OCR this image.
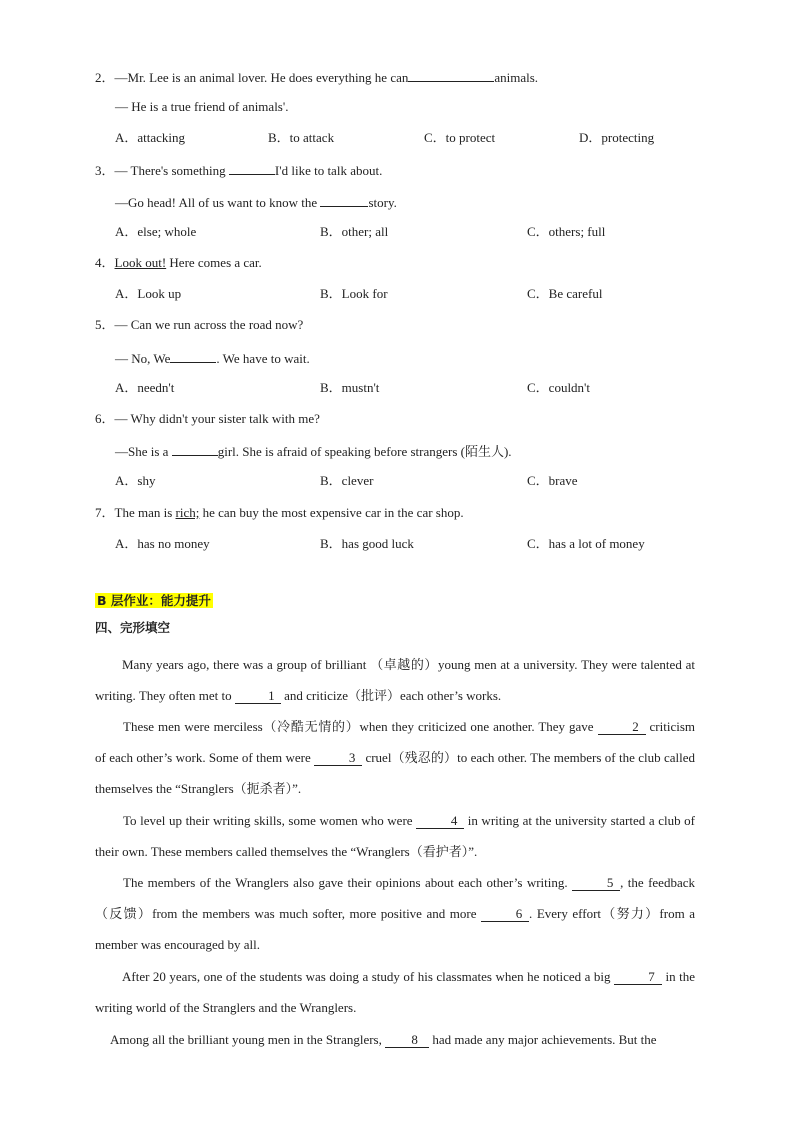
2．—Mr. Lee is an animal lover. He does everything he can	animals.
— He is a true friend of animals'.
A．attacking	B．to attack	C．to protect	D．protecting
3．— There's something	I'd like to talk about.
—Go head! All of us want to know the	story.
A．else; whole	B．other; all	C．others; full
4．Look out! Here comes a car.
A．Look up	B．Look for	C．Be careful
5．— Can we run across the road now?
— No, We	. We have to wait.
A．needn't	B．mustn't	C．couldn't
6．— Why didn't your sister talk with me?
—She is a	girl. She is afraid of speaking before strangers (陌生人).
A．shy	B．clever	C．brave
7．The man is rich; he can buy the most expensive car in the car shop.
A．has no money	B．has good luck	C．has a lot of money
B 层作业：能力提升
四、完形填空
Many years ago, there was a group of brilliant （卓越的）young men at a university. They were talented at writing. They often met to	1 and criticize（批评）each other’s works.
These men were merciless（冷酷无情的）when they criticized one another. They gave	2 criticism of each other’s work. Some of them were	3 cruel（残忍的）to each other. The members of the club called themselves the “Stranglers（扼杀者）”.
To level up their writing skills, some women who were	4 in writing at the university started a club of their own. These members called themselves the “Wranglers（看护者）”.
The members of the Wranglers also gave their opinions about each other’s writing.	5 , the feedback（反馈）from the members was much softer, more positive and more	6 . Every effort（努力）from a member was encouraged by all.
After 20 years, one of the students was doing a study of his classmates when he noticed a big	7 in the writing world of the Stranglers and the Wranglers.
Among all the brilliant young men in the Stranglers, 8 had made any major achievements. But the
